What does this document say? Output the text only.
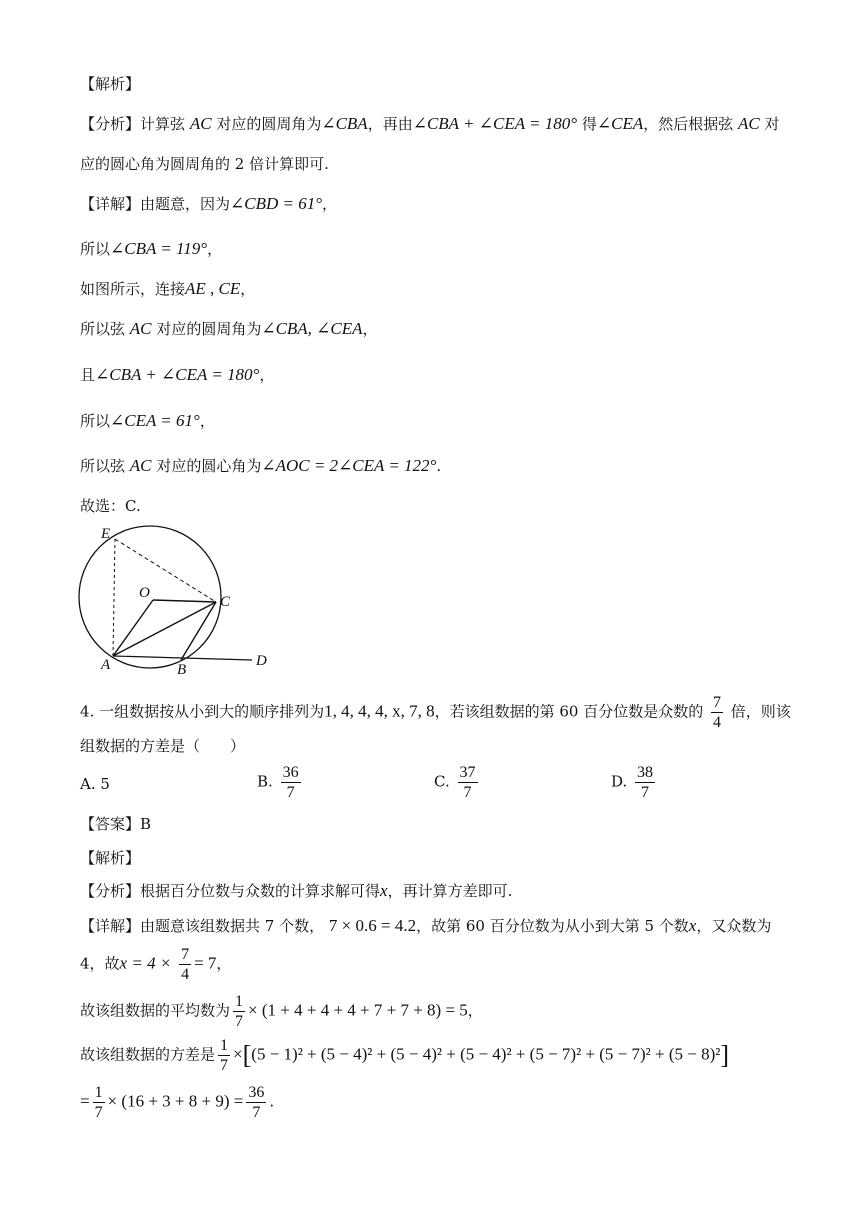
【解析】
【分析】计算弦 AC 对应的圆周角为∠CBA，再由∠CBA + ∠CEA = 180° 得∠CEA，然后根据弦 AC 对
应的圆心角为圆周角的 2 倍计算即可.
【详解】由题意，因为∠CBD = 61°，
所以∠CBA = 119°，
如图所示，连接AE , CE，
所以弦 AC 对应的圆周角为∠CBA, ∠CEA，
且∠CBA + ∠CEA = 180°，
所以∠CEA = 61°，
所以弦 AC 对应的圆心角为∠AOC = 2∠CEA = 122°.
故选：C.
E
O
C
A	B
D
4. 一组数据按从小到大的顺序排列为1, 4, 4, 4, x, 7, 8，若该组数据的第 60 百分位数是众数的 $\frac{7}{4}$ 倍，则该
组数据的方差是（　　）
A. 5	B. $\frac{36}{7}$	C. $\frac{37}{7}$	D. $\frac{38}{7}$
【答案】B
【解析】
【分析】根据百分位数与众数的计算求解可得x，再计算方差即可.
【详解】由题意该组数据共 7 个数， 7 × 0.6 = 4.2，故第 60 百分位数为从小到大第 5 个数x，又众数为
4，故$x = 4 \times \frac{7}{4} = 7$，
故该组数据的平均数为 $\frac{1}{7} \times (1 + 4 + 4 + 4 + 7 + 7 + 8) = 5$，
故该组数据的方差是 $\frac{1}{7} \times[(5 - 1)^2 + (5 - 4)^2 + (5 - 4)^2 + (5 - 4)^2 + (5 - 7)^2 + (5 - 7)^2 + (5 - 8)^2]$
= $\frac{1}{7} \times (16 + 3 + 8 + 9) = \frac{36}{7}$ .
